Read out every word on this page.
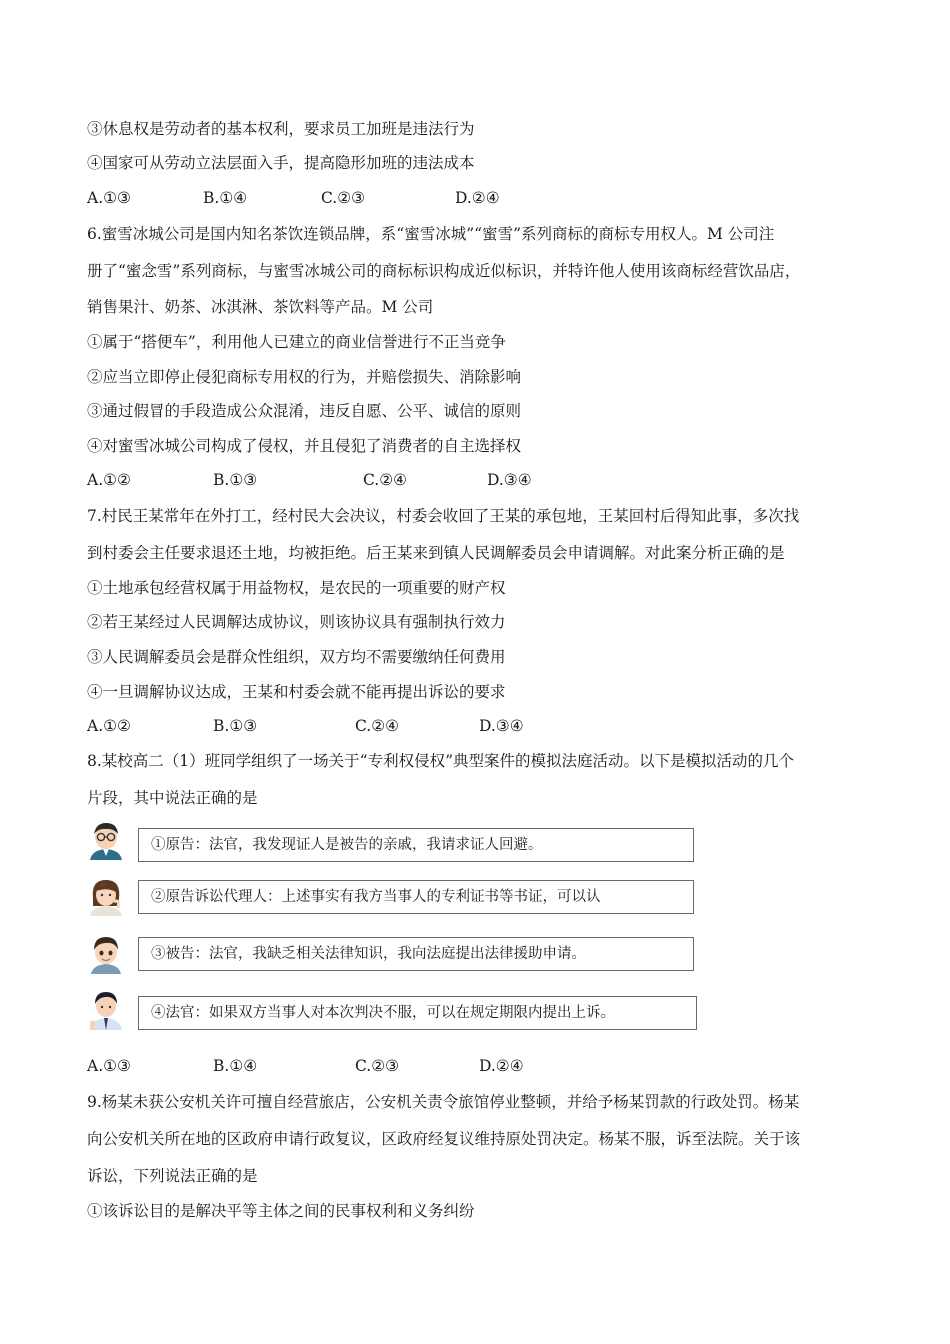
③休息权是劳动者的基本权利，要求员工加班是违法行为
④国家可从劳动立法层面入手，提高隐形加班的违法成本
A.①③	B.①④	C.②③	D.②④
6.蜜雪冰城公司是国内知名茶饮连锁品牌，系“蜜雪冰城”“蜜雪”系列商标的商标专用权人。M 公司注
册了“蜜念雪”系列商标，与蜜雪冰城公司的商标标识构成近似标识，并特许他人使用该商标经营饮品店，
销售果汁、奶茶、冰淇淋、茶饮料等产品。M 公司
①属于“搭便车”，利用他人已建立的商业信誉进行不正当竞争
②应当立即停止侵犯商标专用权的行为，并赔偿损失、消除影响
③通过假冒的手段造成公众混淆，违反自愿、公平、诚信的原则
④对蜜雪冰城公司构成了侵权，并且侵犯了消费者的自主选择权
A.①②	B.①③	C.②④	D.③④
7.村民王某常年在外打工，经村民大会决议，村委会收回了王某的承包地，王某回村后得知此事，多次找
到村委会主任要求退还土地，均被拒绝。后王某来到镇人民调解委员会申请调解。对此案分析正确的是
①土地承包经营权属于用益物权，是农民的一项重要的财产权
②若王某经过人民调解达成协议，则该协议具有强制执行效力
③人民调解委员会是群众性组织，双方均不需要缴纳任何费用
④一旦调解协议达成，王某和村委会就不能再提出诉讼的要求
A.①②	B.①③	C.②④	D.③④
8.某校高二（1）班同学组织了一场关于“专利权侵权”典型案件的模拟法庭活动。以下是模拟活动的几个
片段，其中说法正确的是
①原告：法官，我发现证人是被告的亲戚，我请求证人回避。
②原告诉讼代理人：上述事实有我方当事人的专利证书等书证，可以认
③被告：法官，我缺乏相关法律知识，我向法庭提出法律援助申请。
④法官：如果双方当事人对本次判决不服，可以在规定期限内提出上诉。
A.①③	B.①④	C.②③	D.②④
9.杨某未获公安机关许可擅自经营旅店，公安机关责令旅馆停业整顿，并给予杨某罚款的行政处罚。杨某
向公安机关所在地的区政府申请行政复议，区政府经复议维持原处罚决定。杨某不服，诉至法院。关于该
诉讼，下列说法正确的是
①该诉讼目的是解决平等主体之间的民事权利和义务纠纷
